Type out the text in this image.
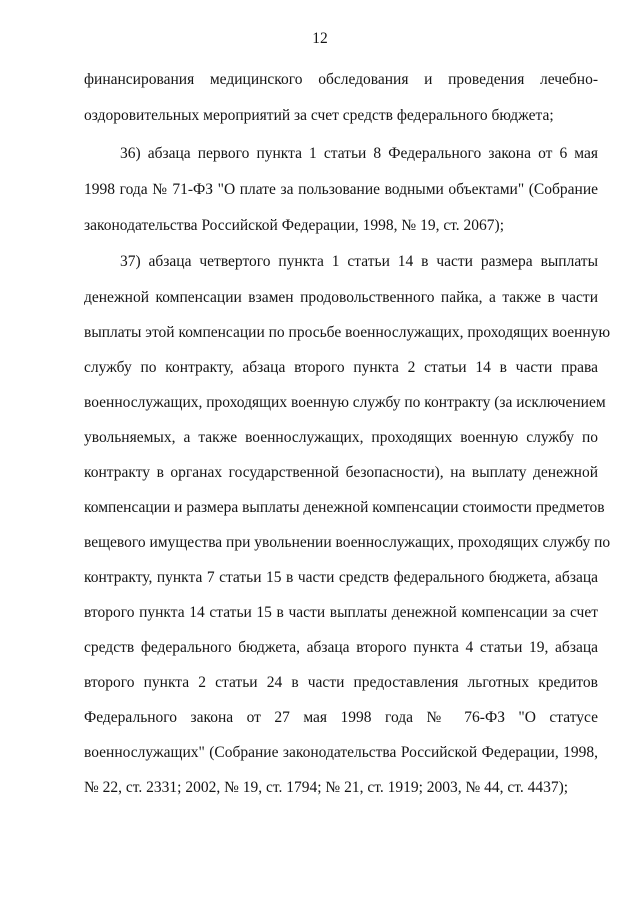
12
финансирования медицинского обследования и проведения лечебно-
оздоровительных мероприятий за счет средств федерального бюджета;
36) абзаца первого пункта 1 статьи 8 Федерального закона от 6 мая
1998 года № 71-ФЗ "О плате за пользование водными объектами" (Собрание
законодательства Российской Федерации, 1998, № 19, ст. 2067);
37) абзаца четвертого пункта 1 статьи 14 в части размера выплаты
денежной компенсации взамен продовольственного пайка, а также в части
выплаты этой компенсации по просьбе военнослужащих, проходящих военную
службу по контракту, абзаца второго пункта 2 статьи 14 в части права
военнослужащих, проходящих военную службу по контракту (за исключением
увольняемых, а также военнослужащих, проходящих военную службу по
контракту в органах государственной безопасности), на выплату денежной
компенсации и размера выплаты денежной компенсации стоимости предметов
вещевого имущества при увольнении военнослужащих, проходящих службу по
контракту, пункта 7 статьи 15 в части средств федерального бюджета, абзаца
второго пункта 14 статьи 15 в части выплаты денежной компенсации за счет
средств федерального бюджета, абзаца второго пункта 4 статьи 19, абзаца
второго пункта 2 статьи 24 в части предоставления льготных кредитов
Федерального закона от 27 мая 1998 года № 76-ФЗ "О статусе
военнослужащих" (Собрание законодательства Российской Федерации, 1998,
№ 22, ст. 2331; 2002, № 19, ст. 1794; № 21, ст. 1919; 2003, № 44, ст. 4437);
